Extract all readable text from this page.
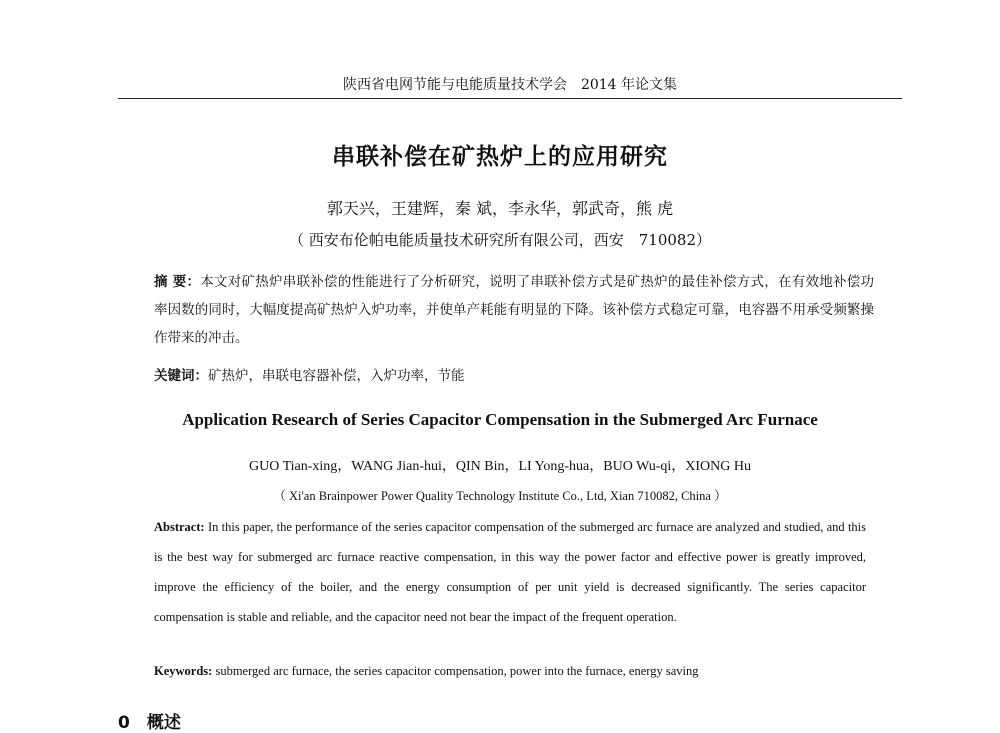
陕西省电网节能与电能质量技术学会　2014 年论文集
串联补偿在矿热炉上的应用研究
郭天兴，王建辉，秦 斌，李永华，郭武奇，熊 虎
（ 西安布伦帕电能质量技术研究所有限公司，西安　710082）

摘 要：本文对矿热炉串联补偿的性能进行了分析研究，说明了串联补偿方式是矿热炉的最佳补偿方式，在有效地补偿功率因数的同时，大幅度提高矿热炉入炉功率，并使单产耗能有明显的下降。该补偿方式稳定可靠，电容器不用承受频繁操作带来的冲击。

关键词：矿热炉，串联电容器补偿，入炉功率，节能

Application Research of Series Capacitor Compensation in the Submerged Arc Furnace
GUO Tian-xing，WANG Jian-hui，QIN Bin，LI Yong-hua，BUO Wu-qi，XIONG Hu
（ Xi'an Brainpower Power Quality Technology Institute Co., Ltd, Xian 710082, China ）
Abstract: In this paper, the performance of the series capacitor compensation of the submerged arc furnace are analyzed and studied, and this is the best way for submerged arc furnace reactive compensation, in this way the power factor and effective power is greatly improved, improve the efficiency of the boiler, and the energy consumption of per unit yield is decreased significantly. The series capacitor compensation is stable and reliable, and the capacitor need not bear the impact of the frequent operation.
Keywords: submerged arc furnace, the series capacitor compensation, power into the furnace, energy saving
0　概述
